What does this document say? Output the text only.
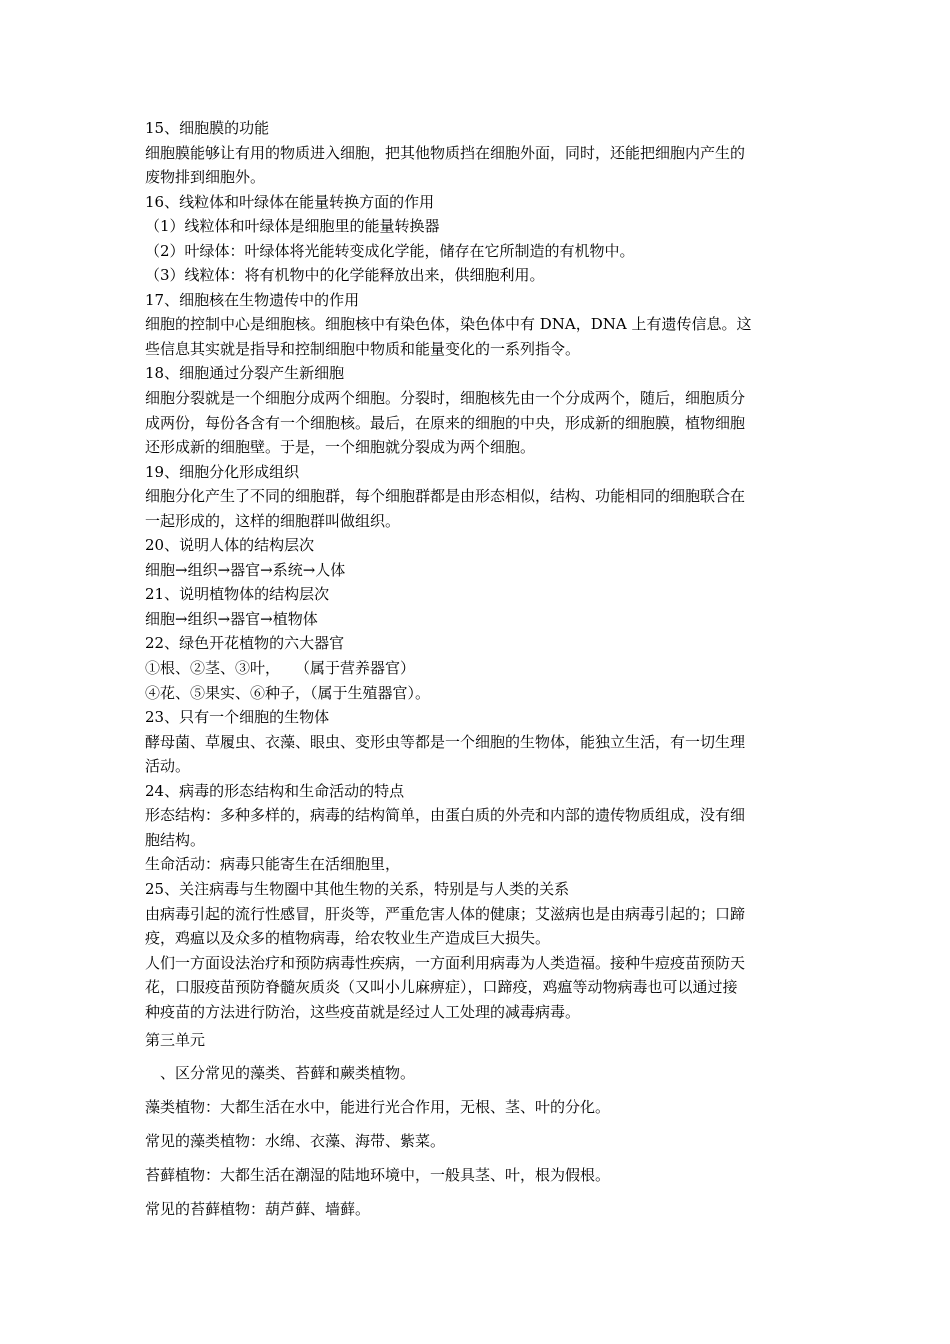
15、细胞膜的功能
细胞膜能够让有用的物质进入细胞，把其他物质挡在细胞外面，同时，还能把细胞内产生的
废物排到细胞外。
16、线粒体和叶绿体在能量转换方面的作用
（1）线粒体和叶绿体是细胞里的能量转换器
（2）叶绿体：叶绿体将光能转变成化学能，储存在它所制造的有机物中。
（3）线粒体：将有机物中的化学能释放出来，供细胞利用。
17、细胞核在生物遗传中的作用
细胞的控制中心是细胞核。细胞核中有染色体，染色体中有 DNA，DNA 上有遗传信息。这
些信息其实就是指导和控制细胞中物质和能量变化的一系列指令。
18、细胞通过分裂产生新细胞
细胞分裂就是一个细胞分成两个细胞。分裂时，细胞核先由一个分成两个，随后，细胞质分
成两份，每份各含有一个细胞核。最后，在原来的细胞的中央，形成新的细胞膜，植物细胞
还形成新的细胞壁。于是，一个细胞就分裂成为两个细胞。
19、细胞分化形成组织
细胞分化产生了不同的细胞群，每个细胞群都是由形态相似，结构、功能相同的细胞联合在
一起形成的，这样的细胞群叫做组织。
20、说明人体的结构层次
细胞→组织→器官→系统→人体
21、说明植物体的结构层次
细胞→组织→器官→植物体
22、绿色开花植物的六大器官
①根、②茎、③叶，　　（属于营养器官）
④花、⑤果实、⑥种子，（属于生殖器官）。
23、只有一个细胞的生物体
酵母菌、草履虫、衣藻、眼虫、变形虫等都是一个细胞的生物体，能独立生活，有一切生理
活动。
24、病毒的形态结构和生命活动的特点
形态结构：多种多样的，病毒的结构简单，由蛋白质的外壳和内部的遗传物质组成，没有细
胞结构。
生命活动：病毒只能寄生在活细胞里，
25、关注病毒与生物圈中其他生物的关系，特别是与人类的关系
由病毒引起的流行性感冒，肝炎等，严重危害人体的健康；艾滋病也是由病毒引起的；口蹄
疫，鸡瘟以及众多的植物病毒，给农牧业生产造成巨大损失。
人们一方面设法治疗和预防病毒性疾病，一方面利用病毒为人类造福。接种牛痘疫苗预防天
花，口服疫苗预防脊髓灰质炎（又叫小儿麻痹症），口蹄疫，鸡瘟等动物病毒也可以通过接
种疫苗的方法进行防治，这些疫苗就是经过人工处理的减毒病毒。
第三单元
　、区分常见的藻类、苔藓和蕨类植物。
藻类植物：大都生活在水中，能进行光合作用，无根、茎、叶的分化。
常见的藻类植物：水绵、衣藻、海带、紫菜。
苔藓植物：大都生活在潮湿的陆地环境中，一般具茎、叶，根为假根。
常见的苔藓植物：葫芦藓、墙藓。
